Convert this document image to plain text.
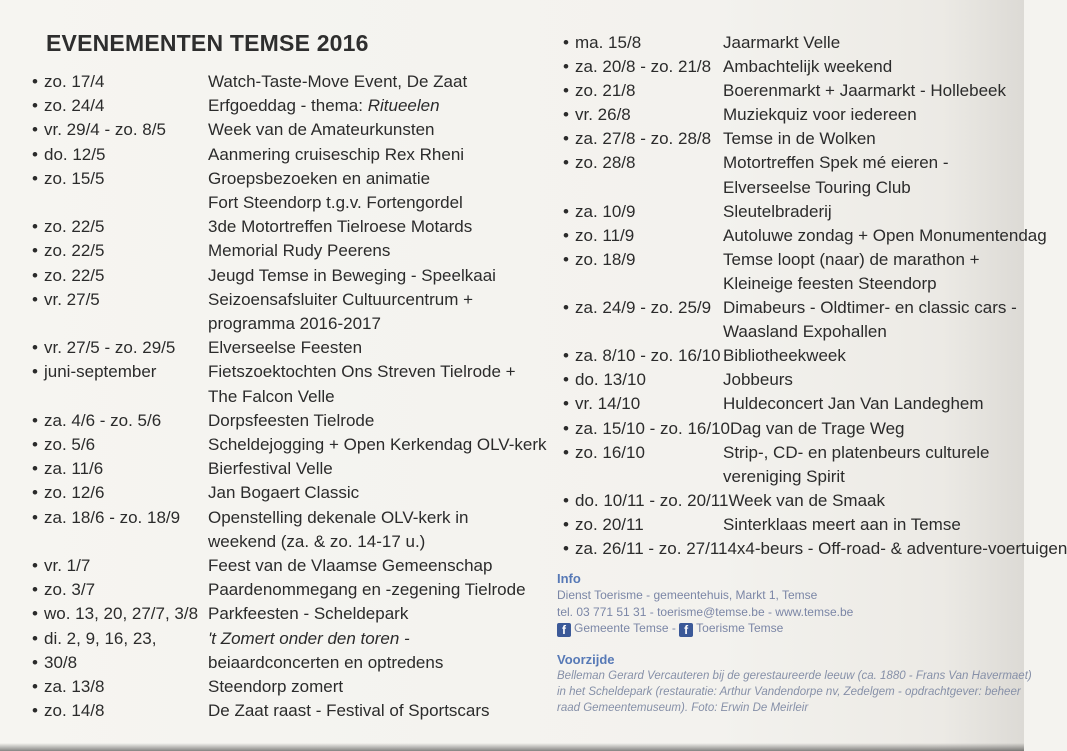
EVENEMENTEN TEMSE 2016
• zo. 17/4	Watch-Taste-Move Event, De Zaat
• zo. 24/4	Erfgoeddag - thema: Ritueelen
• vr. 29/4 - zo. 8/5	Week van de Amateurkunsten
• do. 12/5	Aanmering cruiseschip Rex Rheni
• zo. 15/5	Groepsbezoeken en animatie
Fort Steendorp t.g.v. Fortengordel
• zo. 22/5	3de Motortreffen Tielroese Motards
• zo. 22/5	Memorial Rudy Peerens
• zo. 22/5	Jeugd Temse in Beweging - Speelkaai
• vr. 27/5	Seizoensafsluiter Cultuurcentrum +
programma 2016-2017
• vr. 27/5 - zo. 29/5	Elverseelse Feesten
• juni-september	Fietszoektochten Ons Streven Tielrode +
The Falcon Velle
• za. 4/6 - zo. 5/6	Dorpsfeesten Tielrode
• zo. 5/6	Scheldejogging + Open Kerkendag OLV-kerk
• za. 11/6	Bierfestival Velle
• zo. 12/6	Jan Bogaert Classic
• za. 18/6 - zo. 18/9	Openstelling dekenale OLV-kerk in
weekend (za. & zo. 14-17 u.)
• vr. 1/7	Feest van de Vlaamse Gemeenschap
• zo. 3/7	Paardenommegang en -zegening Tielrode
• wo. 13, 20, 27/7, 3/8 Parkfeesten - Scheldepark
• di. 2, 9, 16, 23,	't Zomert onder den toren -
• 30/8	beiaardconcerten en optredens
• za. 13/8	Steendorp zomert
• zo. 14/8	De Zaat raast - Festival of Sportscars
• ma. 15/8	Jaarmarkt Velle
• za. 20/8 - zo. 21/8 Ambachtelijk weekend
• zo. 21/8	Boerenmarkt + Jaarmarkt - Hollebeek
• vr. 26/8	Muziekquiz voor iedereen
• za. 27/8 - zo. 28/8 Temse in de Wolken
• zo. 28/8	Motortreffen Spek mé eieren -
Elverseelse Touring Club
• za. 10/9	Sleutelbraderij
• zo. 11/9	Autoluwe zondag + Open Monumentendag
• zo. 18/9	Temse loopt (naar) de marathon +
Kleineige feesten Steendorp
• za. 24/9 - zo. 25/9 Dimabeurs - Oldtimer- en classic cars -
Waasland Expohallen
• za. 8/10 - zo. 16/10 Bibliotheekweek
• do. 13/10	Jobbeurs
• vr. 14/10	Huldeconcert Jan Van Landeghem
• za. 15/10 - zo. 16/10 Dag van de Trage Weg
• zo. 16/10	Strip-, CD- en platenbeurs culturele
vereniging Spirit
• do. 10/11 - zo. 20/11 Week van de Smaak
• zo. 20/11	Sinterklaas meert aan in Temse
• za. 26/11 - zo. 27/11 4x4-beurs - Off-road- & adventure-voertuigen
Info
Dienst Toerisme - gemeentehuis, Markt 1, Temse
tel. 03 771 51 31 - toerisme@temse.be - www.temse.be
f Gemeente Temse - f Toerisme Temse
Voorzijde
Belleman Gerard Vercauteren bij de gerestaureerde leeuw (ca. 1880 - Frans Van Havermaet)
in het Scheldepark (restauratie: Arthur Vandendorpe nv, Zedelgem - opdrachtgever: beheer
raad Gemeentemuseum). Foto: Erwin De Meirleir
